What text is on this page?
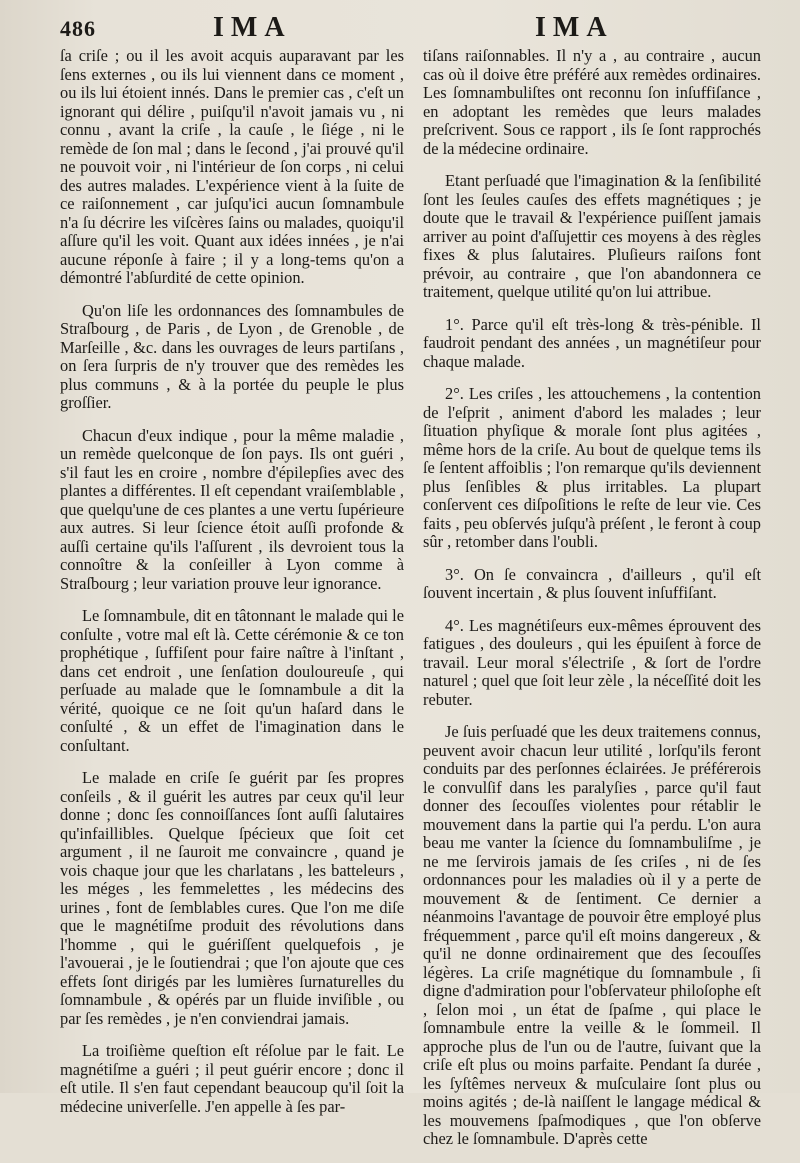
486	IMA	IMA

ſa criſe ; ou il les avoit acquis auparavant par les ſens externes , ou ils lui viennent dans ce moment , ou ils lui étoient innés. Dans le premier cas , c'eſt un ignorant qui délire , puiſqu'il n'avoit jamais vu , ni connu , avant la criſe , la cauſe , le ſiége , ni le remède de ſon mal ; dans le ſecond , j'ai prouvé qu'il ne pouvoit voir , ni l'intérieur de ſon corps , ni celui des autres malades. L'expérience vient à la ſuite de ce raiſonnement , car juſqu'ici aucun ſomnambule n'a ſu décrire les viſcères ſains ou malades, quoiqu'il aſſure qu'il les voit. Quant aux idées innées , je n'ai aucune réponſe à faire ; il y a long-tems qu'on a démontré l'abſurdité de cette opinion.

Qu'on liſe les ordonnances des ſomnambules de Straſbourg , de Paris , de Lyon , de Grenoble , de Marſeille , &c. dans les ouvrages de leurs partiſans , on ſera ſurpris de n'y trouver que des remèdes les plus communs , & à la portée du peuple le plus groſſier.

Chacun d'eux indique , pour la même maladie , un remède quelconque de ſon pays. Ils ont guéri , s'il faut les en croire , nombre d'épilepſies avec des plantes a différentes. Il eſt cependant vraiſemblable , que quelqu'une de ces plantes a une vertu ſupérieure aux autres. Si leur ſcience étoit auſſi profonde & auſſi certaine qu'ils l'aſſurent , ils devroient tous la connoître & la conſeiller à Lyon comme à Straſbourg ; leur variation prouve leur ignorance.

Le ſomnambule, dit en tâtonnant le malade qui le conſulte , votre mal eſt là. Cette cérémonie & ce ton prophétique , ſuffiſent pour faire naître à l'inſtant , dans cet endroit , une ſenſation douloureuſe , qui perſuade au malade que le ſomnambule a dit la vérité, quoique ce ne ſoit qu'un haſard dans le conſulté , & un effet de l'imagination dans le conſultant.

Le malade en criſe ſe guérit par ſes propres conſeils , & il guérit les autres par ceux qu'il leur donne ; donc ſes connoiſſances ſont auſſi ſalutaires qu'infaillibles. Quelque ſpécieux que ſoit cet argument , il ne ſauroit me convaincre , quand je vois chaque jour que les charlatans , les batteleurs , les méges , les femmelettes , les médecins des urines , font de ſemblables cures. Que l'on me diſe que le magnétiſme produit des révolutions dans l'homme , qui le guériſſent quelquefois , je l'avouerai , je le ſoutiendrai ; que l'on ajoute que ces effets ſont dirigés par les lumières ſurnaturelles du ſomnambule , & opérés par un fluide inviſible , ou par ſes remèdes , je n'en conviendrai jamais.

La troiſième queſtion eſt réſolue par le fait. Le magnétiſme a guéri ; il peut guérir encore ; donc il eſt utile. Il s'en faut cependant beaucoup qu'il ſoit la médecine univerſelle. J'en appelle à ſes par-

tiſans raiſonnables. Il n'y a , au contraire , aucun cas où il doive être préféré aux remèdes ordinaires. Les ſomnambuliſtes ont reconnu ſon inſuffiſance , en adoptant les remèdes que leurs malades preſcrivent. Sous ce rapport , ils ſe ſont rapprochés de la médecine ordinaire.

Etant perſuadé que l'imagination & la ſenſibilité ſont les ſeules cauſes des effets magnétiques ; je doute que le travail & l'expérience puiſſent jamais arriver au point d'aſſujettir ces moyens à des règles fixes & plus ſalutaires. Pluſieurs raiſons font prévoir, au contraire , que l'on abandonnera ce traitement, quelque utilité qu'on lui attribue.

1°. Parce qu'il eſt très-long & très-pénible. Il faudroit pendant des années , un magnétiſeur pour chaque malade.

2°. Les criſes , les attouchemens , la contention de l'eſprit , animent d'abord les malades ; leur ſituation phyſique & morale ſont plus agitées , même hors de la criſe. Au bout de quelque tems ils ſe ſentent affoiblis ; l'on remarque qu'ils deviennent plus ſenſibles & plus irritables. La plupart conſervent ces diſpoſitions le reſte de leur vie. Ces faits , peu obſervés juſqu'à préſent , le feront à coup sûr , retomber dans l'oubli.

3°. On ſe convaincra , d'ailleurs , qu'il eſt ſouvent incertain , & plus ſouvent inſuffiſant.

4°. Les magnétiſeurs eux-mêmes éprouvent des fatigues , des douleurs , qui les épuiſent à force de travail. Leur moral s'électriſe , & ſort de l'ordre naturel ; quel que ſoit leur zèle , la néceſſité doit les rebuter.

Je ſuis perſuadé que les deux traitemens connus, peuvent avoir chacun leur utilité , lorſqu'ils feront conduits par des perſonnes éclairées. Je préférerois le convulſif dans les paralyſies , parce qu'il faut donner des ſecouſſes violentes pour rétablir le mouvement dans la partie qui l'a perdu. L'on aura beau me vanter la ſcience du ſomnambuliſme , je ne me ſervirois jamais de ſes criſes , ni de ſes ordonnances pour les maladies où il y a perte de mouvement & de ſentiment. Ce dernier a néanmoins l'avantage de pouvoir être employé plus fréquemment , parce qu'il eſt moins dangereux , & qu'il ne donne ordinairement que des ſecouſſes légères. La criſe magnétique du ſomnambule , ſi digne d'admiration pour l'obſervateur philoſophe eſt , ſelon moi , un état de ſpaſme , qui place le ſomnambule entre la veille & le ſommeil. Il approche plus de l'un ou de l'autre, ſuivant que la criſe eſt plus ou moins parfaite. Pendant ſa durée , les ſyſtêmes nerveux & muſculaire ſont plus ou moins agités ; de-là naiſſent le langage médical & les mouvemens ſpaſmodiques , que l'on obſerve chez le ſomnambule. D'après cette
